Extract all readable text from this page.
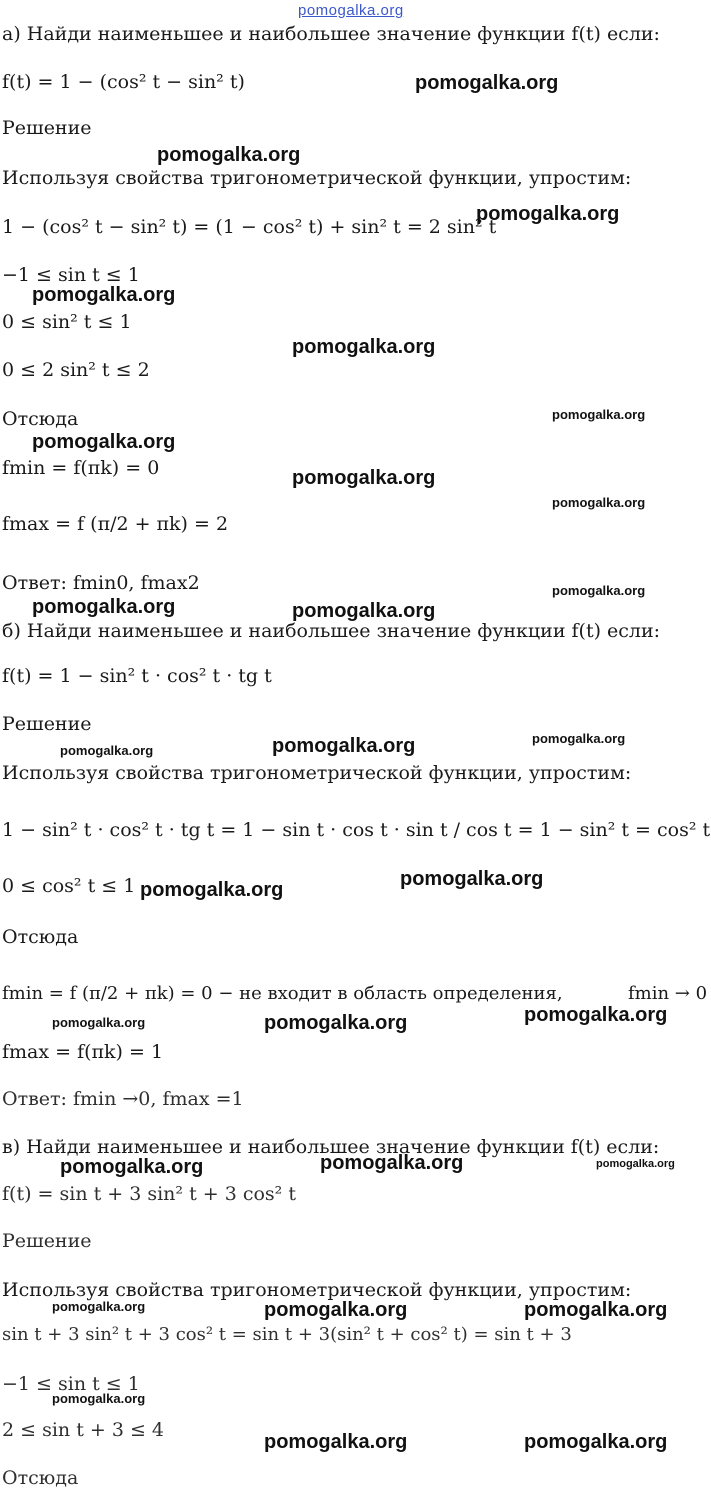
pomogalka.org
а) Найди наименьшее и наибольшее значение функции f(t) если:
f(t) = 1 − (cos² t − sin² t)
Решение
Используя свойства тригонометрической функции, упростим:
1 − (cos² t − sin² t) = (1 − cos² t) + sin² t = 2 sin² t
−1 ≤ sin t ≤ 1
0 ≤ sin² t ≤ 1
0 ≤ 2 sin² t ≤ 2
Отсюда
fmin = f(πk) = 0
fmax = f (π/2 + πk) = 2
Ответ: fmin0, fmax2
б) Найди наименьшее и наибольшее значение функции f(t) если:
f(t) = 1 − sin² t · cos² t · tg t
Решение
Используя свойства тригонометрической функции, упростим:
1 − sin² t · cos² t · tg t = 1 − sin t · cos t · sin t / cos t = 1 − sin² t = cos² t
0 ≤ cos² t ≤ 1
Отсюда
fmin = f (π/2 + πk) = 0 − не входит в область определения,	fmin → 0
fmax = f(πk) = 1
Ответ: fmin →0, fmax =1
в) Найди наименьшее и наибольшее значение функции f(t) если:
f(t) = sin t + 3 sin² t + 3 cos² t
Решение
Используя свойства тригонометрической функции, упростим:
sin t + 3 sin² t + 3 cos² t = sin t + 3(sin² t + cos² t) = sin t + 3
−1 ≤ sin t ≤ 1
2 ≤ sin t + 3 ≤ 4
Отсюда
pomogalka.org
pomogalka.org
pomogalka.org
pomogalka.org
pomogalka.org
pomogalka.org
pomogalka.org
pomogalka.org
pomogalka.org
pomogalka.org
pomogalka.org	pomogalka.org
pomogalka.org
pomogalka.org
pomogalka.org
pomogalka.org
pomogalka.org
pomogalka.org	pomogalka.org	pomogalka.org
pomogalka.org	pomogalka.org	pomogalka.org
pomogalka.org	pomogalka.org	pomogalka.org
pomogalka.org
pomogalka.org	pomogalka.org
